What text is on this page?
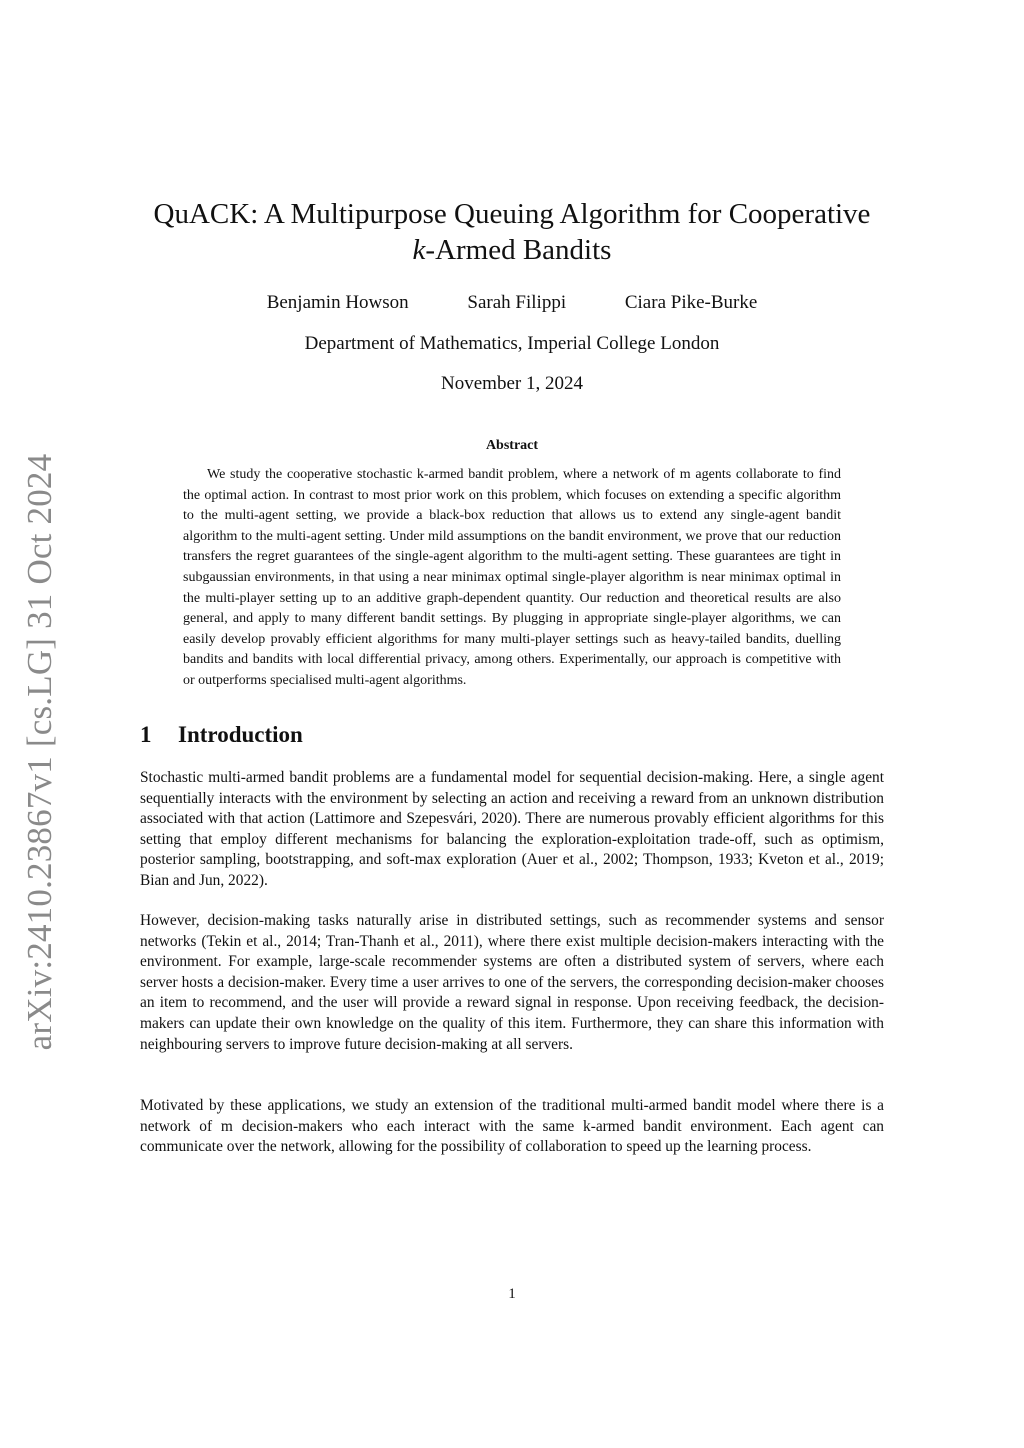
arXiv:2410.23867v1 [cs.LG] 31 Oct 2024
QuACK: A Multipurpose Queuing Algorithm for Cooperative
k-Armed Bandits
Benjamin Howson	Sarah Filippi	Ciara Pike-Burke
Department of Mathematics, Imperial College London
November 1, 2024
Abstract

We study the cooperative stochastic k-armed bandit problem, where a network of m agents collaborate to find the optimal action. In contrast to most prior work on this problem, which focuses on extending a specific algorithm to the multi-agent setting, we provide a black-box reduction that allows us to extend any single-agent bandit algorithm to the multi-agent setting. Under mild assumptions on the bandit environment, we prove that our reduction transfers the regret guarantees of the single-agent algorithm to the multi-agent setting. These guarantees are tight in subgaussian environments, in that using a near minimax optimal single-player algorithm is near minimax optimal in the multi-player setting up to an additive graph-dependent quantity. Our reduction and theoretical results are also general, and apply to many different bandit settings. By plugging in appropriate single-player algorithms, we can easily develop provably efficient algorithms for many multi-player settings such as heavy-tailed bandits, duelling bandits and bandits with local differential privacy, among others. Experimentally, our approach is competitive with or outperforms specialised multi-agent algorithms.

1 Introduction

Stochastic multi-armed bandit problems are a fundamental model for sequential decision-making. Here, a single agent sequentially interacts with the environment by selecting an action and receiving a reward from an unknown distribution associated with that action (Lattimore and Szepesvári, 2020). There are numerous provably efficient algorithms for this setting that employ different mechanisms for balancing the exploration-exploitation trade-off, such as optimism, posterior sampling, bootstrapping, and soft-max exploration (Auer et al., 2002; Thompson, 1933; Kveton et al., 2019; Bian and Jun, 2022).

However, decision-making tasks naturally arise in distributed settings, such as recommender systems and sensor networks (Tekin et al., 2014; Tran-Thanh et al., 2011), where there exist multiple decision-makers interacting with the environment. For example, large-scale recommender systems are often a distributed system of servers, where each server hosts a decision-maker. Every time a user arrives to one of the servers, the corresponding decision-maker chooses an item to recommend, and the user will provide a reward signal in response. Upon receiving feedback, the decision-makers can update their own knowledge on the quality of this item. Furthermore, they can share this information with neighbouring servers to improve future decision-making at all servers.

Motivated by these applications, we study an extension of the traditional multi-armed bandit model where there is a network of m decision-makers who each interact with the same k-armed bandit environment. Each agent can communicate over the network, allowing for the possibility of collaboration to speed up the learning process.

1
